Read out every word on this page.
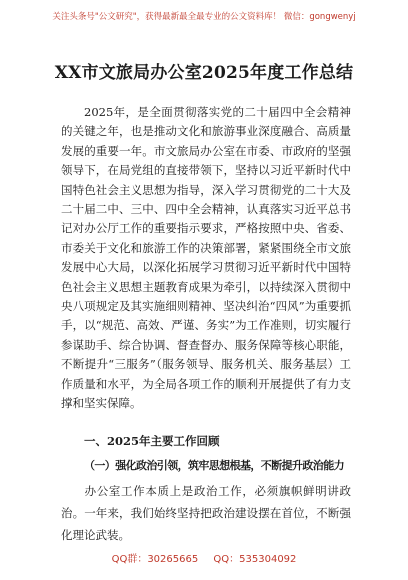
关注头条号"公文研究"，获得最新最全最专业的公文资料库！ 微信：gongwenyj
XX市文旅局办公室2025年度工作总结

2025年，是全面贯彻落实党的二十届四中全会精神的关键之年，也是推动文化和旅游事业深度融合、高质量发展的重要一年。市文旅局办公室在市委、市政府的坚强领导下，在局党组的直接带领下，坚持以习近平新时代中国特色社会主义思想为指导，深入学习贯彻党的二十大及二十届二中、三中、四中全会精神，认真落实习近平总书记对办公厅工作的重要指示要求，严格按照中央、省委、市委关于文化和旅游工作的决策部署，紧紧围绕全市文旅发展中心大局，以深化拓展学习贯彻习近平新时代中国特色社会主义思想主题教育成果为牵引，以持续深入贯彻中央八项规定及其实施细则精神、坚决纠治“四风”为重要抓手，以“规范、高效、严谨、务实”为工作准则，切实履行参谋助手、综合协调、督查督办、服务保障等核心职能，不断提升“三服务”（服务领导、服务机关、服务基层）工作质量和水平，为全局各项工作的顺利开展提供了有力支撑和坚实保障。

一、2025年主要工作回顾
（一）强化政治引领，筑牢思想根基，不断提升政治能力

办公室工作本质上是政治工作，必须旗帜鲜明讲政治。一年来，我们始终坚持把政治建设摆在首位，不断强化理论武装。

QQ群：30265665 QQ：535304092
